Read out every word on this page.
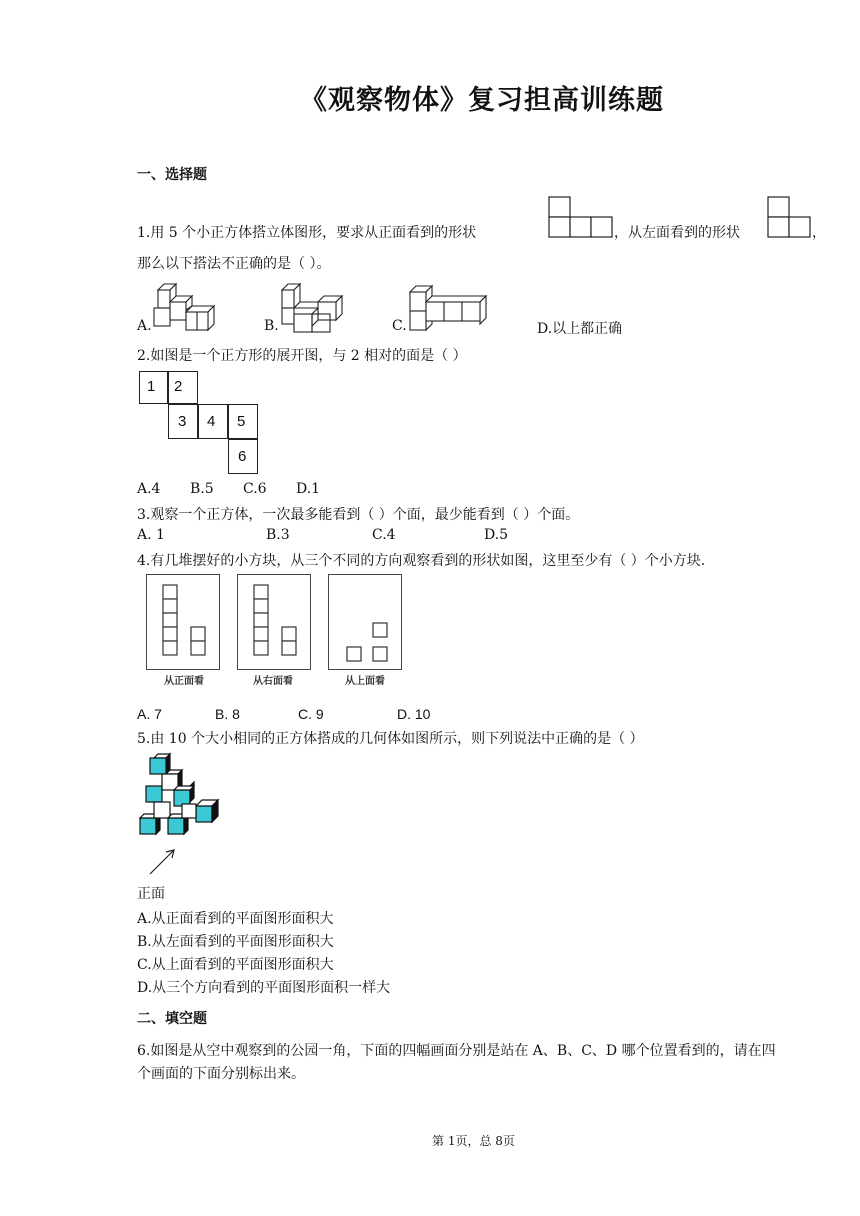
《观察物体》复习担高训练题
一、选择题
1.用 5 个小正方体搭立体图形，要求从正面看到的形状	，从左面看到的形状	，
那么以下搭法不正确的是（ ）。
A.	B.	C.	D.以上都正确
2.如图是一个正方形的展开图，与 2 相对的面是（ ）
1	2
3	4	5
6
A.4 B.5 C.6 D.1
3.观察一个正方体，一次最多能看到（ ）个面，最少能看到（ ）个面。
A. 1	B.3	C.4	D.5
4.有几堆摆好的小方块，从三个不同的方向观察看到的形状如图，这里至少有（ ）个小方块.
从正面看	从右面看	从上面看
A. 7	B. 8	C. 9	D. 10
5.由 10 个大小相同的正方体搭成的几何体如图所示，则下列说法中正确的是（ ）
正面
A.从正面看到的平面图形面积大
B.从左面看到的平面图形面积大
C.从上面看到的平面图形面积大
D.从三个方向看到的平面图形面积一样大
二、填空题
6.如图是从空中观察到的公园一角，下面的四幅画面分别是站在 A、B、C、D 哪个位置看到的，请在四
个画面的下面分别标出来。
第 1页，总 8页
